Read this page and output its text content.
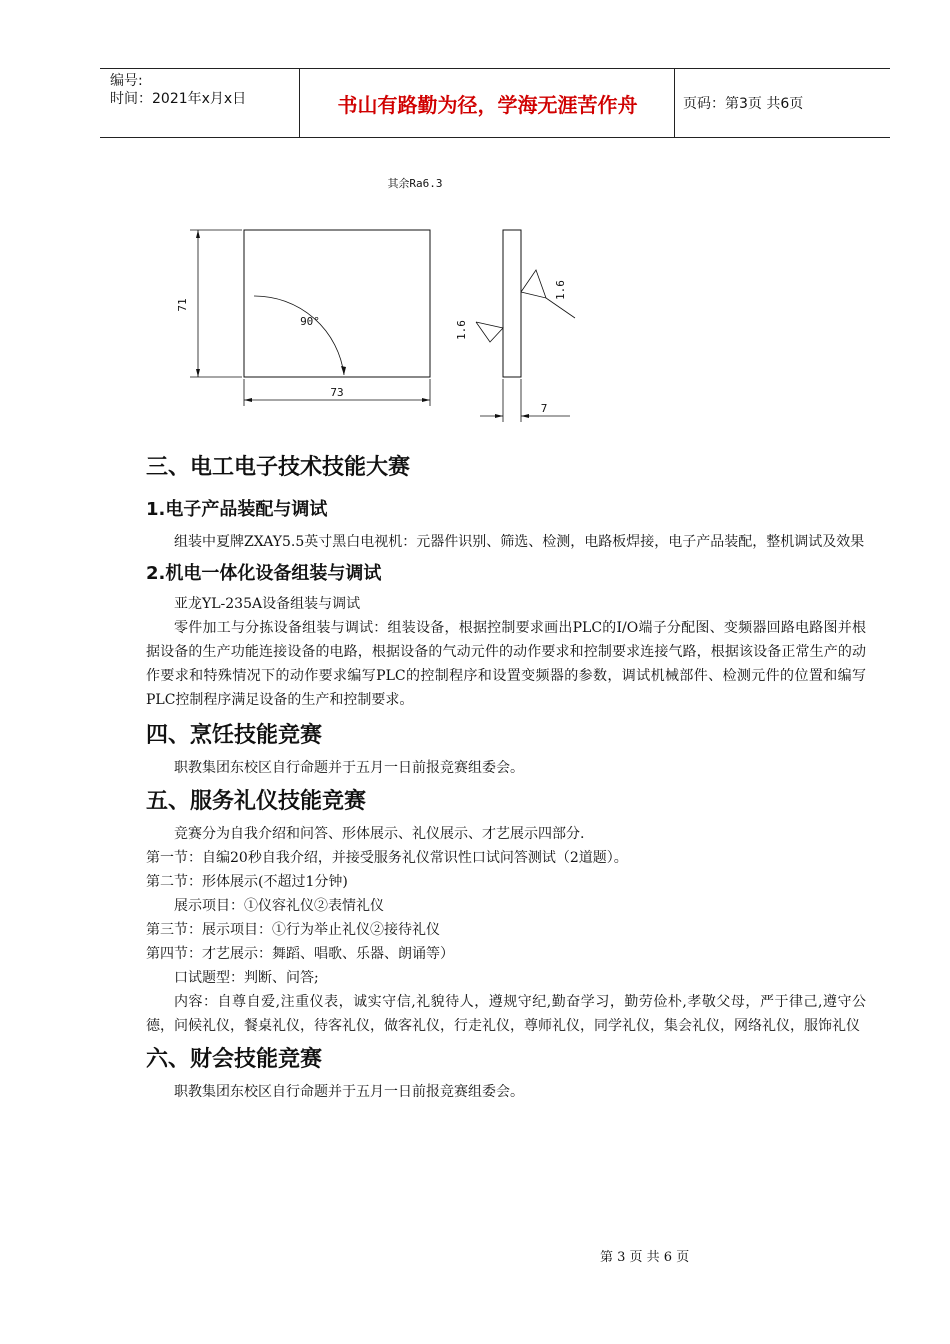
编号:
时间：2021年x月x日	书山有路勤为径，学海无涯苦作舟	页码：第3页 共6页
其余Ra6.3
71
73
90°
7
1.6
1.6
三、电工电子技术技能大赛
1.电子产品装配与调试

组装中夏牌ZXAY5.5英寸黑白电视机：元器件识别、筛选、检测，电路板焊接，电子产品装配，整机调试及效果

2.机电一体化设备组装与调试

亚龙YL-235A设备组装与调试

零件加工与分拣设备组装与调试：组装设备，根据控制要求画出PLC的I/O端子分配图、变频器回路电路图并根据设备的生产功能连接设备的电路，根据设备的气动元件的动作要求和控制要求连接气路，根据该设备正常生产的动作要求和特殊情况下的动作要求编写PLC的控制程序和设置变频器的参数，调试机械部件、检测元件的位置和编写PLC控制程序满足设备的生产和控制要求。

四、烹饪技能竞赛

职教集团东校区自行命题并于五月一日前报竞赛组委会。

五、服务礼仪技能竞赛

竞赛分为自我介绍和问答、形体展示、礼仪展示、才艺展示四部分.

第一节：自编20秒自我介绍，并接受服务礼仪常识性口试问答测试（2道题）。

第二节：形体展示(不超过1分钟)

展示项目：①仪容礼仪②表情礼仪

第三节：展示项目：①行为举止礼仪②接待礼仪

第四节：才艺展示：舞蹈、唱歌、乐器、朗诵等）

口试题型：判断、问答;

内容：自尊自爱,注重仪表，诚实守信,礼貌待人，遵规守纪,勤奋学习，勤劳俭朴,孝敬父母，严于律己,遵守公德，问候礼仪，餐桌礼仪，待客礼仪，做客礼仪，行走礼仪，尊师礼仪，同学礼仪，集会礼仪，网络礼仪，服饰礼仪

六、财会技能竞赛

职教集团东校区自行命题并于五月一日前报竞赛组委会。

第 3 页 共 6 页
